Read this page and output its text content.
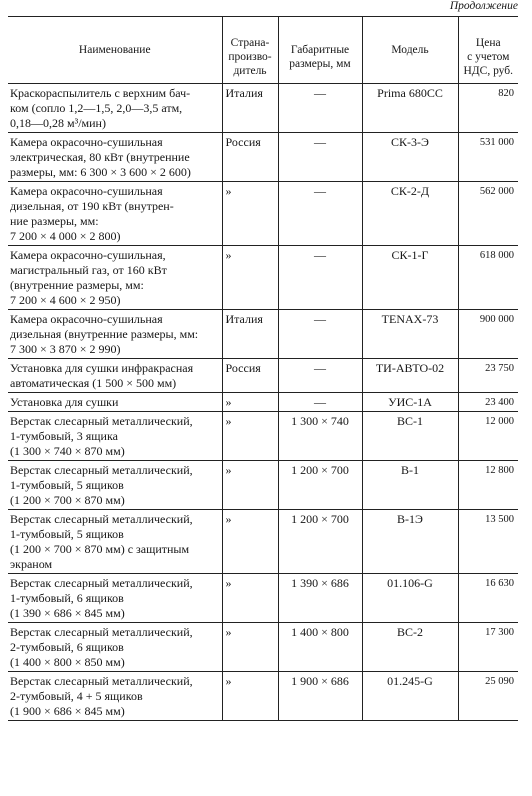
Продолжение
Наименование	Страна-
произво-
дитель	Габаритные
размеры, мм	Модель	Цена
с учетом
НДС, руб.
Краскораспылитель с верхним бач-
ком (сопло 1,2—1,5, 2,0—3,5 атм,
0,18—0,28 м³/мин)	Италия	—	Prima 680CC	820
Камера окрасочно-сушильная
электрическая, 80 кВт (внутренние
размеры, мм: 6 300 × 3 600 × 2 600)	Россия	—	СК-3-Э	531 000
Камера окрасочно-сушильная
дизельная, от 190 кВт (внутрен-
ние размеры, мм:
7 200 × 4 000 × 2 800)	»	—	СК-2-Д	562 000
Камера окрасочно-сушильная,
магистральный газ, от 160 кВт
(внутренние размеры, мм:
7 200 × 4 600 × 2 950)	»	—	СК-1-Г	618 000
Камера окрасочно-сушильная
дизельная (внутренние размеры, мм:
7 300 × 3 870 × 2 990)	Италия	—	TENAX-73	900 000
Установка для сушки инфракрасная
автоматическая (1 500 × 500 мм)	Россия	—	ТИ-АВТО-02	23 750
Установка для сушки	»	—	УИС-1А	23 400
Верстак слесарный металлический,
1-тумбовый, 3 ящика
(1 300 × 740 × 870 мм)	»	1 300 × 740	ВС-1	12 000
Верстак слесарный металлический,
1-тумбовый, 5 ящиков
(1 200 × 700 × 870 мм)	»	1 200 × 700	В-1	12 800
Верстак слесарный металлический,
1-тумбовый, 5 ящиков
(1 200 × 700 × 870 мм) с защитным
экраном	»	1 200 × 700	В-1Э	13 500
Верстак слесарный металлический,
1-тумбовый, 6 ящиков
(1 390 × 686 × 845 мм)	»	1 390 × 686	01.106-G	16 630
Верстак слесарный металлический,
2-тумбовый, 6 ящиков
(1 400 × 800 × 850 мм)	»	1 400 × 800	ВС-2	17 300
Верстак слесарный металлический,
2-тумбовый, 4 + 5 ящиков
(1 900 × 686 × 845 мм)	»	1 900 × 686	01.245-G	25 090
